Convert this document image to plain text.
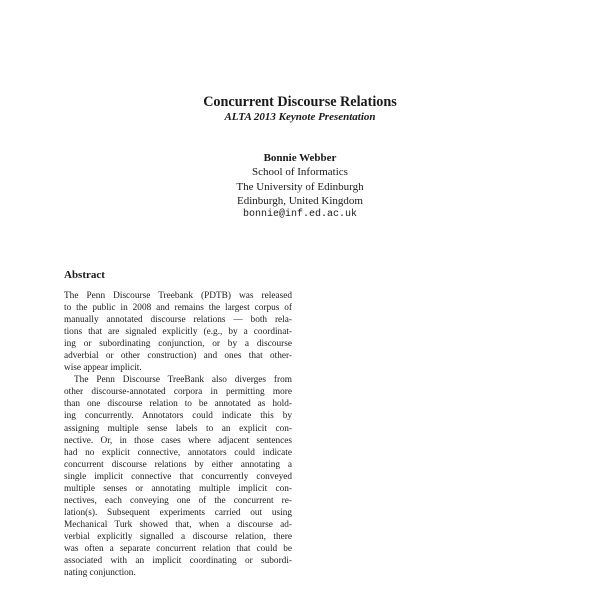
Concurrent Discourse Relations
ALTA 2013 Keynote Presentation
Bonnie Webber
School of Informatics
The University of Edinburgh
Edinburgh, United Kingdom
bonnie@inf.ed.ac.uk
Abstract
The Penn Discourse Treebank (PDTB) was released
to the public in 2008 and remains the largest corpus of
manually annotated discourse relations — both rela-
tions that are signaled explicitly (e.g., by a coordinat-
ing or subordinating conjunction, or by a discourse
adverbial or other construction) and ones that other-
wise appear implicit.
The Penn Discourse TreeBank also diverges from
other discourse-annotated corpora in permitting more
than one discourse relation to be annotated as hold-
ing concurrently. Annotators could indicate this by
assigning multiple sense labels to an explicit con-
nective. Or, in those cases where adjacent sentences
had no explicit connective, annotators could indicate
concurrent discourse relations by either annotating a
single implicit connective that concurrently conveyed
multiple senses or annotating multiple implicit con-
nectives, each conveying one of the concurrent re-
lation(s). Subsequent experiments carried out using
Mechanical Turk showed that, when a discourse ad-
verbial explicitly signalled a discourse relation, there
was often a separate concurrent relation that could be
associated with an implicit coordinating or subordi-
nating conjunction.
